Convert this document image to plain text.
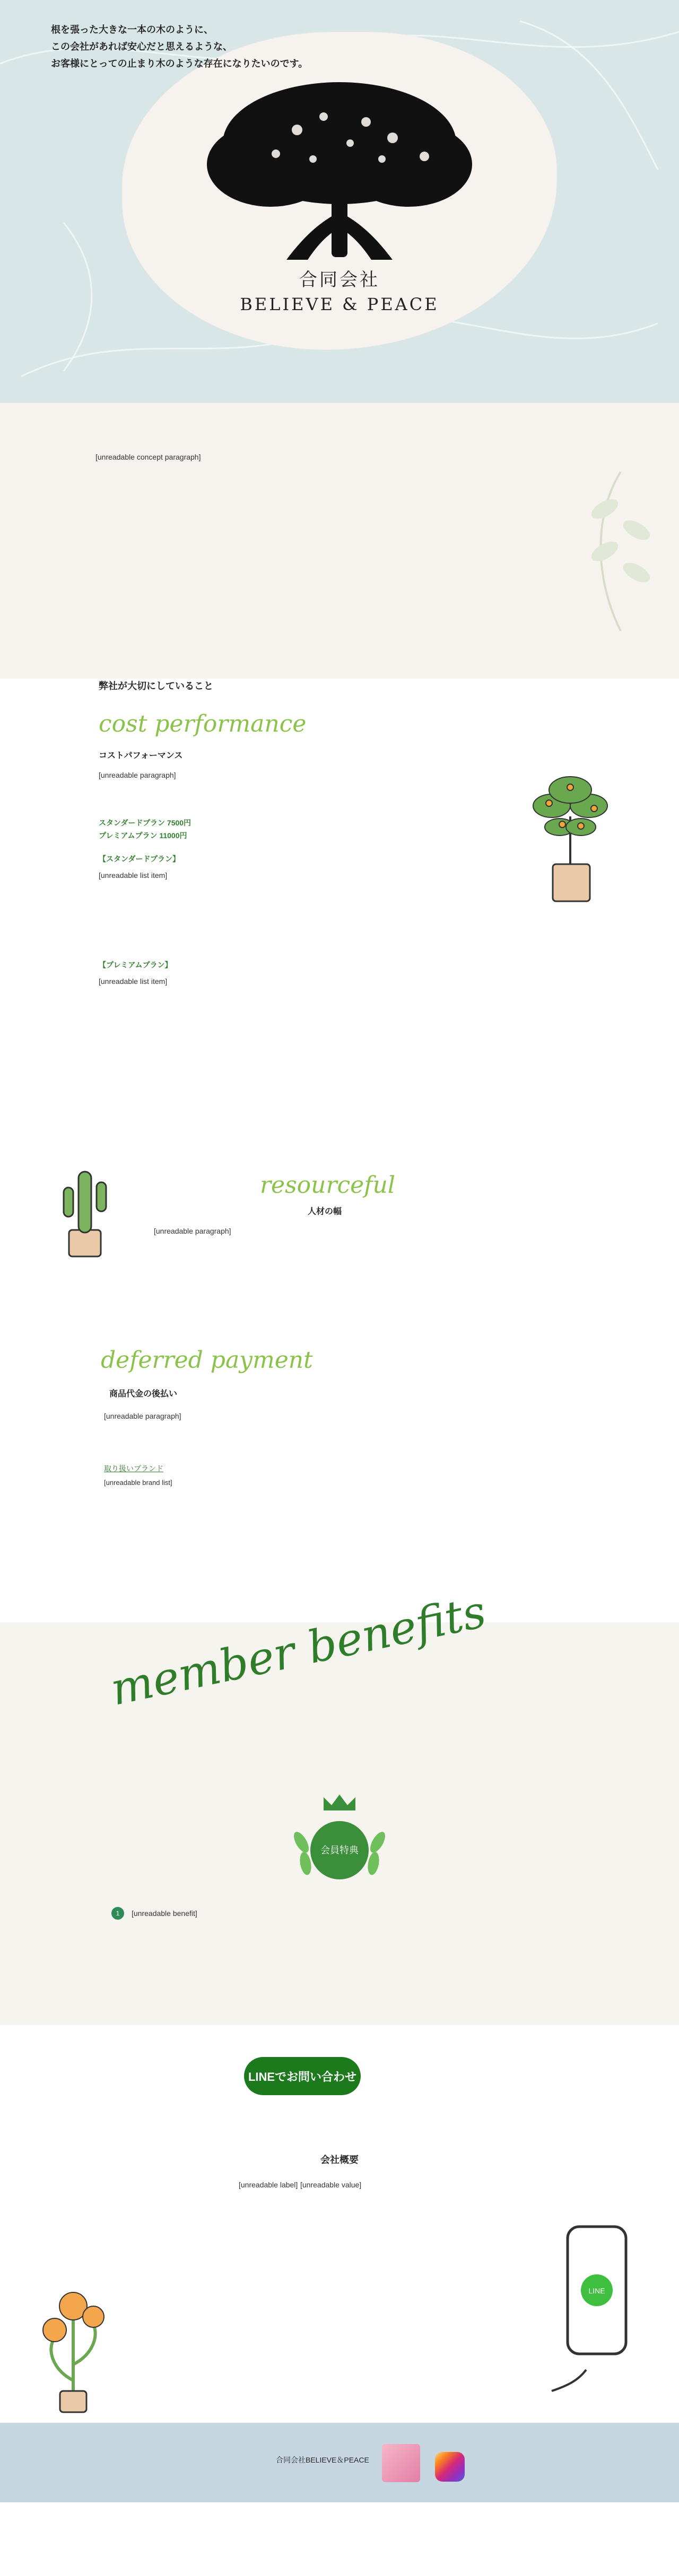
根を張った大きな一本の木のように、
この会社があれば安心だと思えるような、
お客様にとっての止まり木のような存在になりたいのです。
合同会社
BELIEVE & PEACE
[unreadable concept paragraph]
弊社が大切にしていること
cost performance
コストパフォーマンス
[unreadable paragraph]
スタンダードプラン 7500円
プレミアムプラン 11000円
【スタンダードプラン】
[unreadable list item]
【プレミアムプラン】
[unreadable list item]
resourceful
人材の幅
[unreadable paragraph]
deferred payment
商品代金の後払い
[unreadable paragraph]
取り扱いブランド
[unreadable brand list]
member benefits
会員特典
1	[unreadable benefit]
LINEでお問い合わせ
会社概要
[unreadable label] [unreadable value]
LINE
合同会社BELIEVE＆PEACE
